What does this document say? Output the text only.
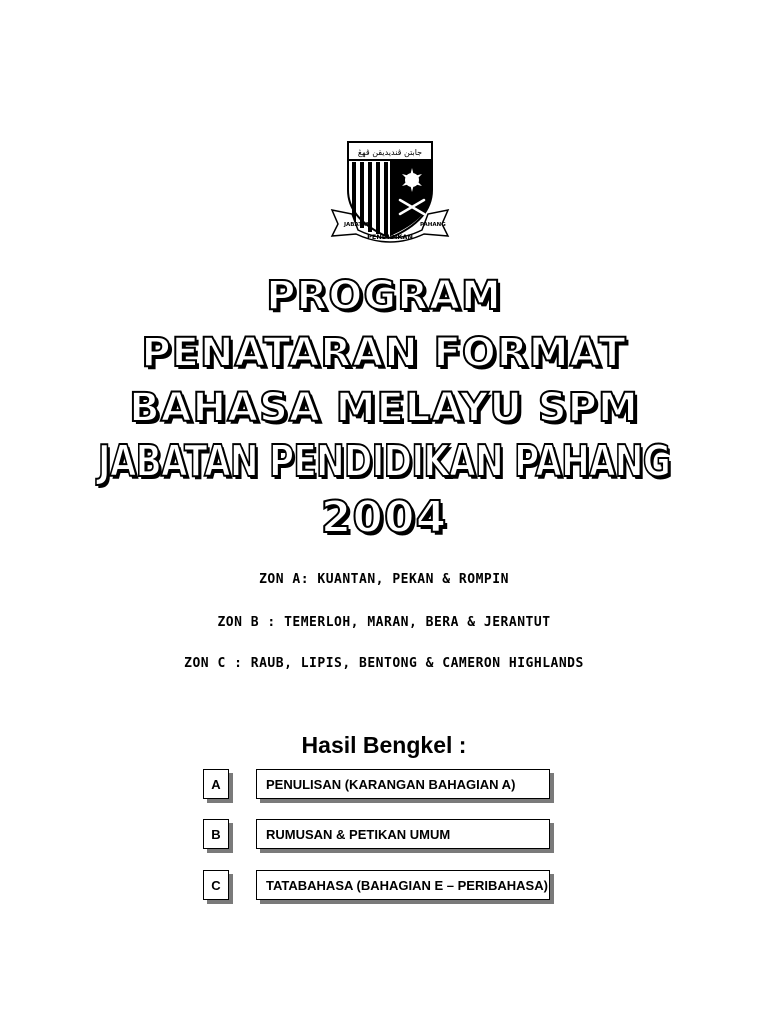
جابتن ڤنديديقن ڤهڠ
JABATAN
PENDIDIKAN
PAHANG
PROGRAM
PENATARAN FORMAT
BAHASA MELAYU SPM
JABATAN PENDIDIKAN PAHANG
2004
ZON A: KUANTAN, PEKAN & ROMPIN
ZON B : TEMERLOH, MARAN, BERA & JERANTUT
ZON C : RAUB, LIPIS, BENTONG & CAMERON HIGHLANDS
Hasil Bengkel :
A	PENULISAN (KARANGAN BAHAGIAN A)
B	RUMUSAN & PETIKAN UMUM
C	TATABAHASA (BAHAGIAN E – PERIBAHASA)
